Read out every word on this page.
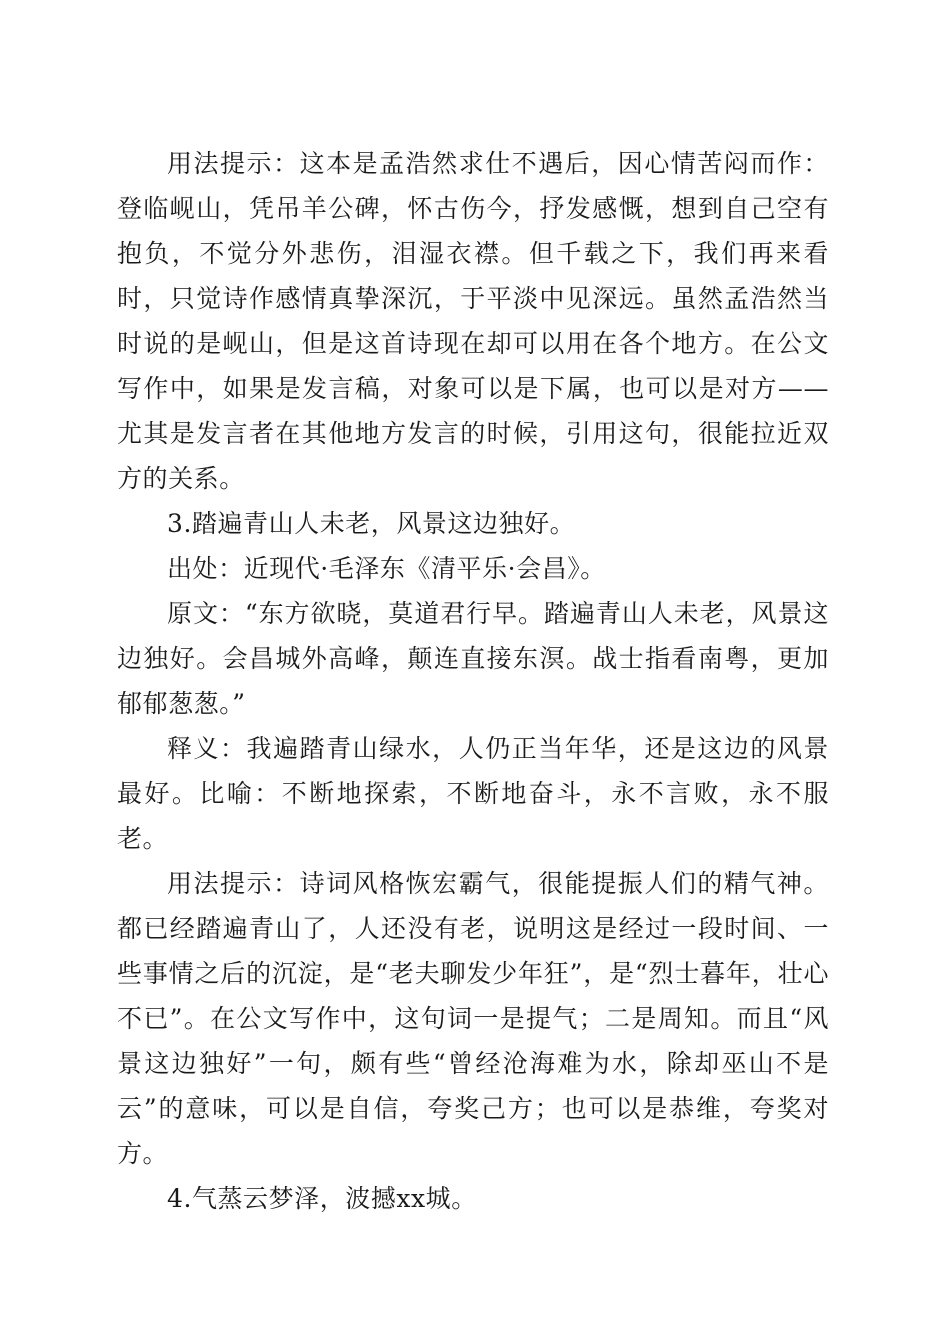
用法提示：这本是孟浩然求仕不遇后，因心情苦闷而作：登临岘山，凭吊羊公碑，怀古伤今，抒发感慨，想到自己空有抱负，不觉分外悲伤，泪湿衣襟。但千载之下，我们再来看时，只觉诗作感情真挚深沉，于平淡中见深远。虽然孟浩然当时说的是岘山，但是这首诗现在却可以用在各个地方。在公文写作中，如果是发言稿，对象可以是下属，也可以是对方——尤其是发言者在其他地方发言的时候，引用这句，很能拉近双方的关系。

3.踏遍青山人未老，风景这边独好。

出处：近现代·毛泽东《清平乐·会昌》。

原文：“东方欲晓，莫道君行早。踏遍青山人未老，风景这边独好。会昌城外高峰，颠连直接东溟。战士指看南粤，更加郁郁葱葱。”

释义：我遍踏青山绿水，人仍正当年华，还是这边的风景最好。比喻：不断地探索，不断地奋斗，永不言败，永不服老。

用法提示：诗词风格恢宏霸气，很能提振人们的精气神。都已经踏遍青山了，人还没有老，说明这是经过一段时间、一些事情之后的沉淀，是“老夫聊发少年狂”，是“烈士暮年，壮心不已”。在公文写作中，这句词一是提气；二是周知。而且“风景这边独好”一句，颇有些“曾经沧海难为水，除却巫山不是云”的意味，可以是自信，夸奖己方；也可以是恭维，夸奖对方。

4.气蒸云梦泽，波撼xx城。
